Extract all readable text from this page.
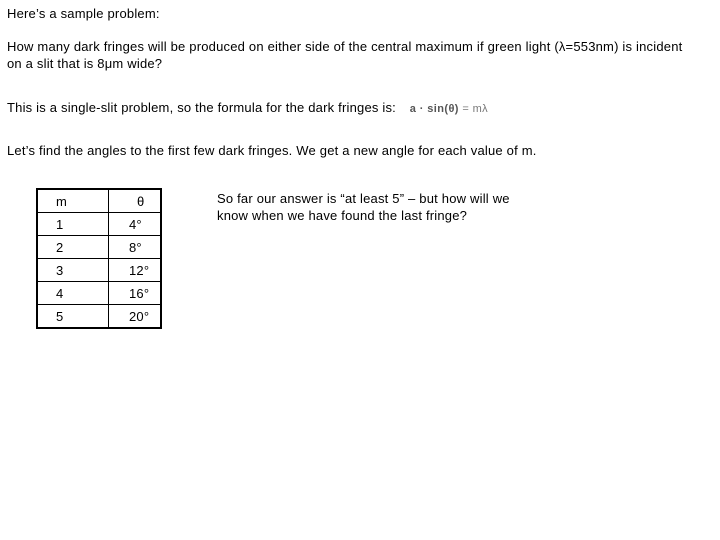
Here’s a sample problem:
How many dark fringes will be produced on either side of the central maximum if green light (λ=553nm) is incident
on a slit that is 8μm wide?
This is a single-slit problem, so the formula for the dark fringes is: a · sin(θ) = mλ
Let’s find the angles to the first few dark fringes. We get a new angle for each value of m.
m	θ
1	4°
2	8°
3	12°
4	16°
5	20°
So far our answer is “at least 5” – but how will we
know when we have found the last fringe?
